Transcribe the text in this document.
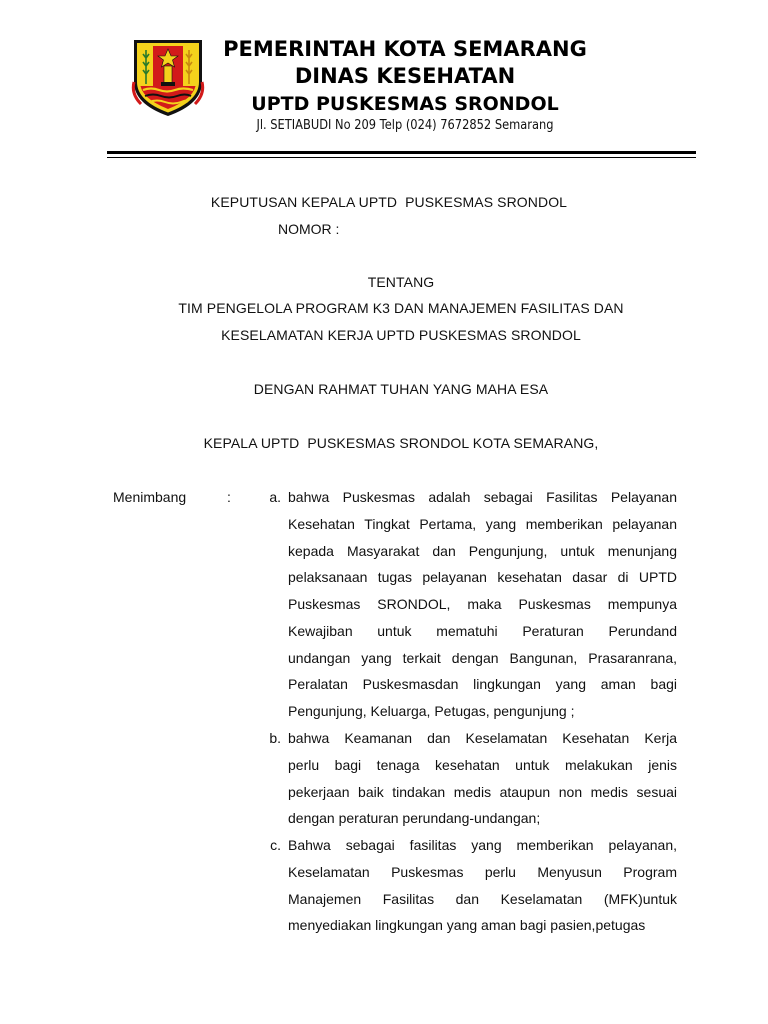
PEMERINTAH KOTA SEMARANG
DINAS KESEHATAN
UPTD PUSKESMAS SRONDOL
Jl. SETIABUDI No 209 Telp (024) 7672852 Semarang
KEPUTUSAN KEPALA UPTD  PUSKESMAS SRONDOL
NOMOR :
TENTANG
TIM PENGELOLA PROGRAM K3 DAN MANAJEMEN FASILITAS DAN
KESELAMATAN KERJA UPTD PUSKESMAS SRONDOL
DENGAN RAHMAT TUHAN YANG MAHA ESA
KEPALA UPTD  PUSKESMAS SRONDOL KOTA SEMARANG,
Menimbang	:	a. bahwa Puskesmas adalah sebagai Fasilitas Pelayanan
Kesehatan Tingkat Pertama, yang memberikan pelayanan
kepada Masyarakat dan Pengunjung, untuk menunjang
pelaksanaan tugas pelayanan kesehatan dasar di UPTD
Puskesmas SRONDOL, maka Puskesmas mempunya
Kewajiban untuk mematuhi Peraturan Perundand
undangan yang terkait dengan Bangunan, Prasaranrana,
Peralatan Puskesmasdan lingkungan yang aman bagi
Pengunjung, Keluarga, Petugas, pengunjung ;
b. bahwa Keamanan dan Keselamatan Kesehatan Kerja
perlu bagi tenaga kesehatan untuk melakukan jenis
pekerjaan baik tindakan medis ataupun non medis sesuai
dengan peraturan perundang-undangan;
c. Bahwa sebagai fasilitas yang memberikan pelayanan,
Keselamatan Puskesmas perlu Menyusun Program
Manajemen Fasilitas dan Keselamatan (MFK)untuk
menyediakan lingkungan yang aman bagi pasien,petugas
